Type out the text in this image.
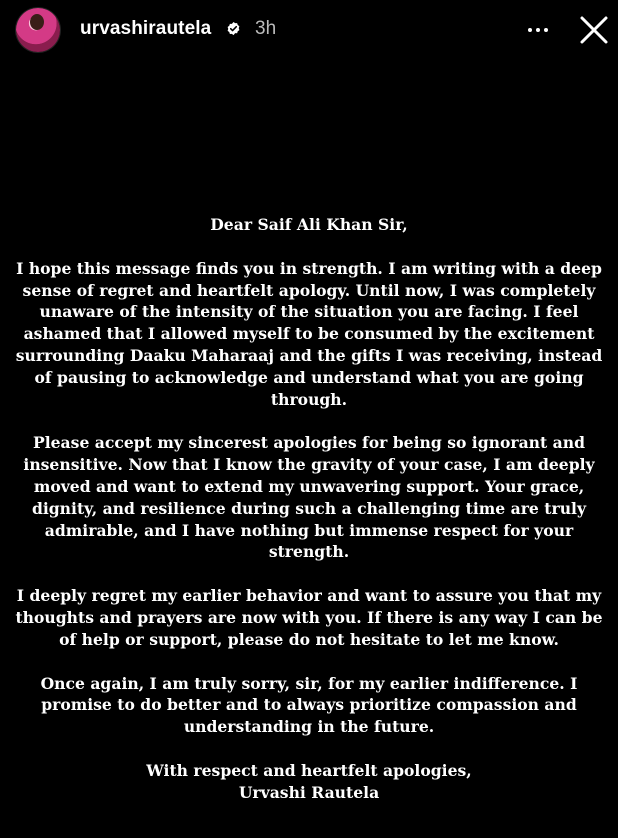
urvashirautela 3h

Dear Saif Ali Khan Sir,

I hope this message finds you in strength. I am writing with a deep sense of regret and heartfelt apology. Until now, I was completely unaware of the intensity of the situation you are facing. I feel ashamed that I allowed myself to be consumed by the excitement surrounding Daaku Maharaaj and the gifts I was receiving, instead of pausing to acknowledge and understand what you are going through.

Please accept my sincerest apologies for being so ignorant and insensitive. Now that I know the gravity of your case, I am deeply moved and want to extend my unwavering support. Your grace, dignity, and resilience during such a challenging time are truly admirable, and I have nothing but immense respect for your strength.

I deeply regret my earlier behavior and want to assure you that my thoughts and prayers are now with you. If there is any way I can be of help or support, please do not hesitate to let me know.

Once again, I am truly sorry, sir, for my earlier indifference. I promise to do better and to always prioritize compassion and understanding in the future.

With respect and heartfelt apologies,
Urvashi Rautela
